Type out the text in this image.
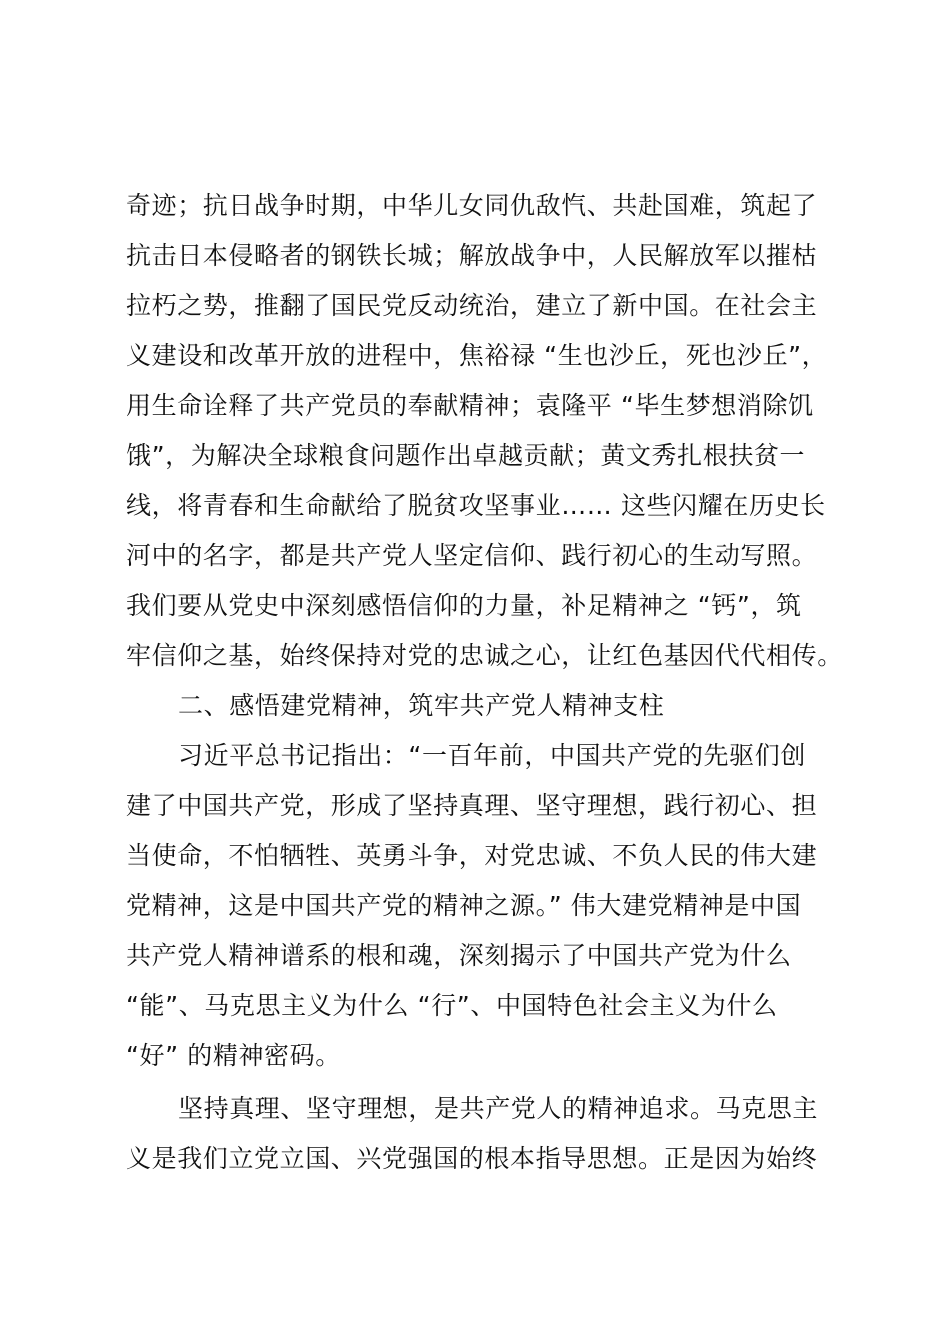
奇迹；抗日战争时期，中华儿女同仇敌忾、共赴国难，筑起了
抗击日本侵略者的钢铁长城；解放战争中，人民解放军以摧枯
拉朽之势，推翻了国民党反动统治，建立了新中国。在社会主
义建设和改革开放的进程中，焦裕禄 “生也沙丘，死也沙丘”，
用生命诠释了共产党员的奉献精神；袁隆平 “毕生梦想消除饥
饿”，为解决全球粮食问题作出卓越贡献；黄文秀扎根扶贫一
线，将青春和生命献给了脱贫攻坚事业…… 这些闪耀在历史长
河中的名字，都是共产党人坚定信仰、践行初心的生动写照。
我们要从党史中深刻感悟信仰的力量，补足精神之 “钙”，筑
牢信仰之基，始终保持对党的忠诚之心，让红色基因代代相传。
二、感悟建党精神，筑牢共产党人精神支柱
习近平总书记指出：“一百年前，中国共产党的先驱们创
建了中国共产党，形成了坚持真理、坚守理想，践行初心、担
当使命，不怕牺牲、英勇斗争，对党忠诚、不负人民的伟大建
党精神，这是中国共产党的精神之源。” 伟大建党精神是中国
共产党人精神谱系的根和魂，深刻揭示了中国共产党为什么
“能”、马克思主义为什么 “行”、中国特色社会主义为什么
“好” 的精神密码。
坚持真理、坚守理想，是共产党人的精神追求。马克思主
义是我们立党立国、兴党强国的根本指导思想。正是因为始终
